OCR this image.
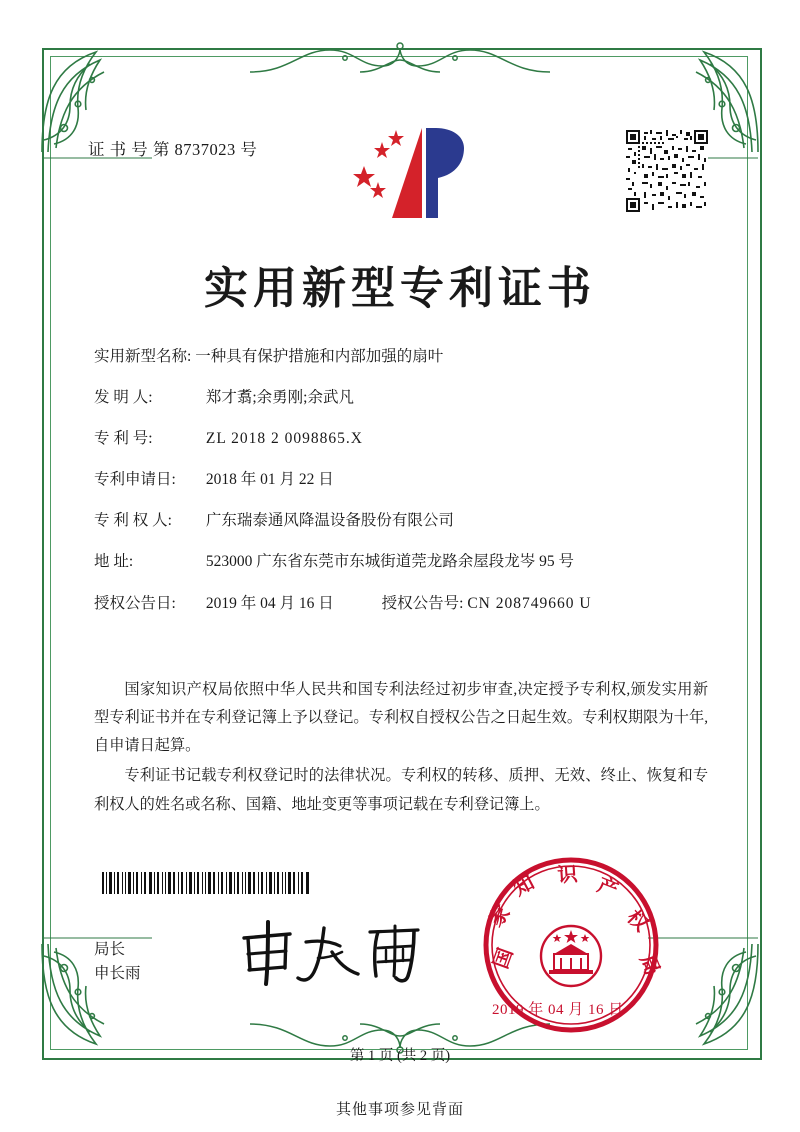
证 书 号 第 8737023 号
实用新型专利证书
实用新型名称: 一种具有保护措施和内部加强的扇叶
发 明 人:	郑才翥;余勇刚;余武凡
专 利 号:	ZL 2018 2 0098865.X
专利申请日: 2018 年 01 月 22 日
专 利 权 人: 广东瑞泰通风降温设备股份有限公司
地 址:	523000 广东省东莞市东城街道莞龙路余屋段龙岑 95 号
授权公告日: 2019 年 04 月 16 日	授权公告号: CN 208749660 U

国家知识产权局依照中华人民共和国专利法经过初步审查,决定授予专利权,颁发实用新型专利证书并在专利登记簿上予以登记。专利权自授权公告之日起生效。专利权期限为十年,自申请日起算。

专利证书记载专利权登记时的法律状况。专利权的转移、质押、无效、终止、恢复和专利权人的姓名或名称、国籍、地址变更等事项记载在专利登记簿上。

局长
申长雨
国
家
知 识 产
权
局
2019 年 04 月 16 日
第 1 页 (共 2 页)
其他事项参见背面
